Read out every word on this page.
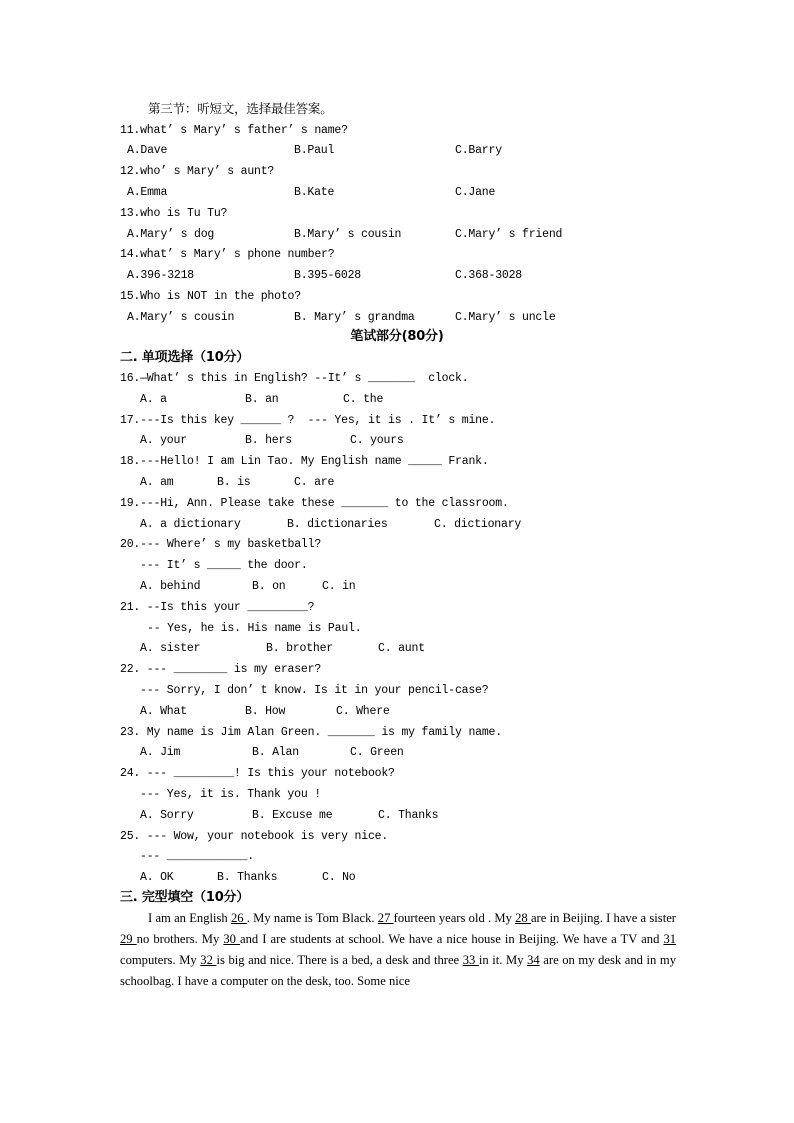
第三节：听短文，选择最佳答案。
11.what’ s Mary’ s father’ s name?
A.Dave	B.Paul	C.Barry
12.who’ s Mary’ s aunt?
A.Emma	B.Kate	C.Jane
13.who is Tu Tu?
A.Mary’ s dog	B.Mary’ s cousin	C.Mary’ s friend
14.what’ s Mary’ s phone number?
A.396-3218	B.395-6028	C.368-3028
15.Who is NOT in the photo?
A.Mary’ s cousin	B. Mary’ s grandma	C.Mary’ s uncle
笔试部分(80分)
二. 单项选择（10分）
16.—What’ s this in English? --It’ s _______  clock.
A. a	B. an	C. the
17.---Is this key ______ ?  --- Yes, it is . It’ s mine.
A. your	B. hers	C. yours
18.---Hello! I am Lin Tao. My English name _____ Frank.
A. am	B. is	C. are
19.---Hi, Ann. Please take these _______ to the classroom.
A. a dictionary	B. dictionaries	C. dictionary
20.--- Where’ s my basketball?
--- It’ s _____ the door.
A. behind	B. on	C. in
21. --Is this your _________?
-- Yes, he is. His name is Paul.
A. sister	B. brother	C. aunt
22. --- ________ is my eraser?
--- Sorry, I don’ t know. Is it in your pencil-case?
A. What	B. How	C. Where
23. My name is Jim Alan Green. _______ is my family name.
A. Jim	B. Alan	C. Green
24. --- _________! Is this your notebook?
--- Yes, it is. Thank you !
A. Sorry	B. Excuse me	C. Thanks
25. --- Wow, your notebook is very nice.
--- ____________.
A. OK	B. Thanks	C. No
三. 完型填空（10分）

I am an English 26 . My name is Tom Black. 27 fourteen years old . My 28 are in Beijing. I have a sister 29 no brothers. My 30 and I are students at school. We have a nice house in Beijing. We have a TV and 31 computers. My 32 is big and nice. There is a bed, a desk and three 33 in it. My 34 are on my desk and in my schoolbag. I have a computer on the desk, too. Some nice
